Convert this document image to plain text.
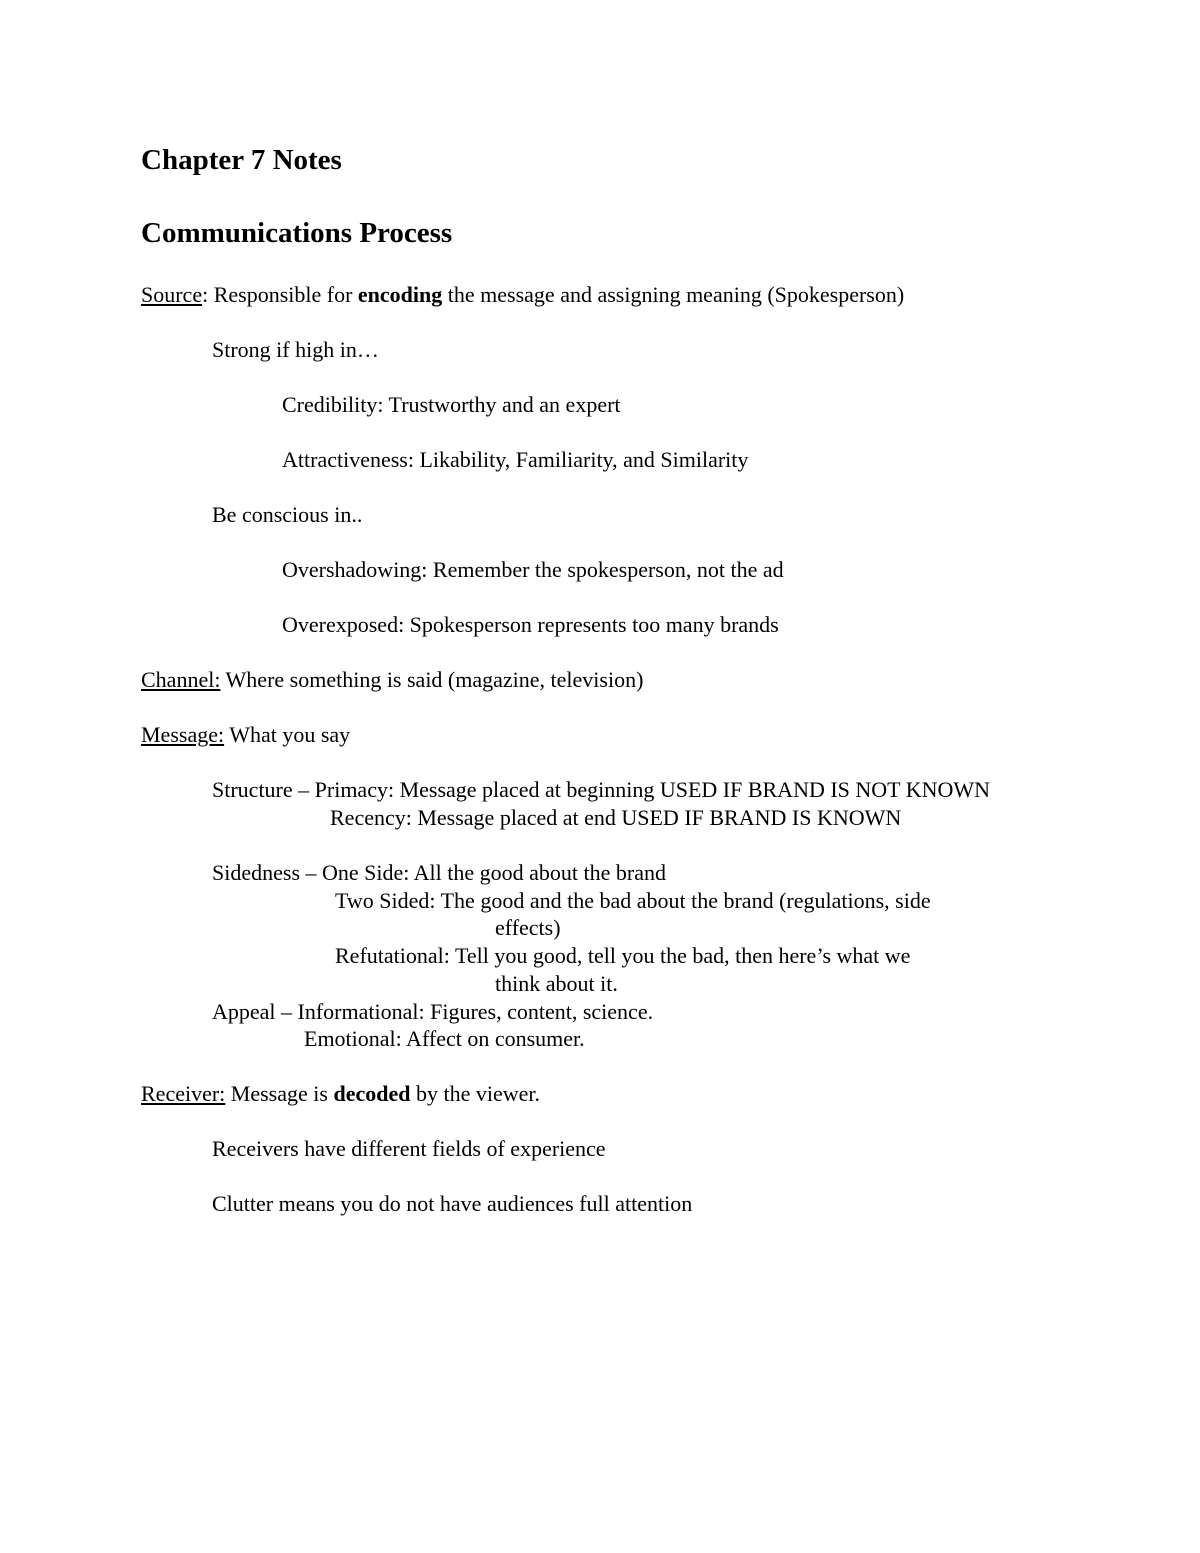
Chapter 7 Notes
Communications Process
Source: Responsible for encoding the message and assigning meaning (Spokesperson)
Strong if high in…
Credibility: Trustworthy and an expert
Attractiveness: Likability, Familiarity, and Similarity
Be conscious in..
Overshadowing: Remember the spokesperson, not the ad
Overexposed: Spokesperson represents too many brands
Channel: Where something is said (magazine, television)
Message: What you say
Structure – Primacy: Message placed at beginning USED IF BRAND IS NOT KNOWN
Recency: Message placed at end USED IF BRAND IS KNOWN
Sidedness – One Side: All the good about the brand
Two Sided: The good and the bad about the brand (regulations, side
effects)
Refutational: Tell you good, tell you the bad, then here’s what we
think about it.
Appeal – Informational: Figures, content, science.
Emotional: Affect on consumer.
Receiver: Message is decoded by the viewer.
Receivers have different fields of experience
Clutter means you do not have audiences full attention
